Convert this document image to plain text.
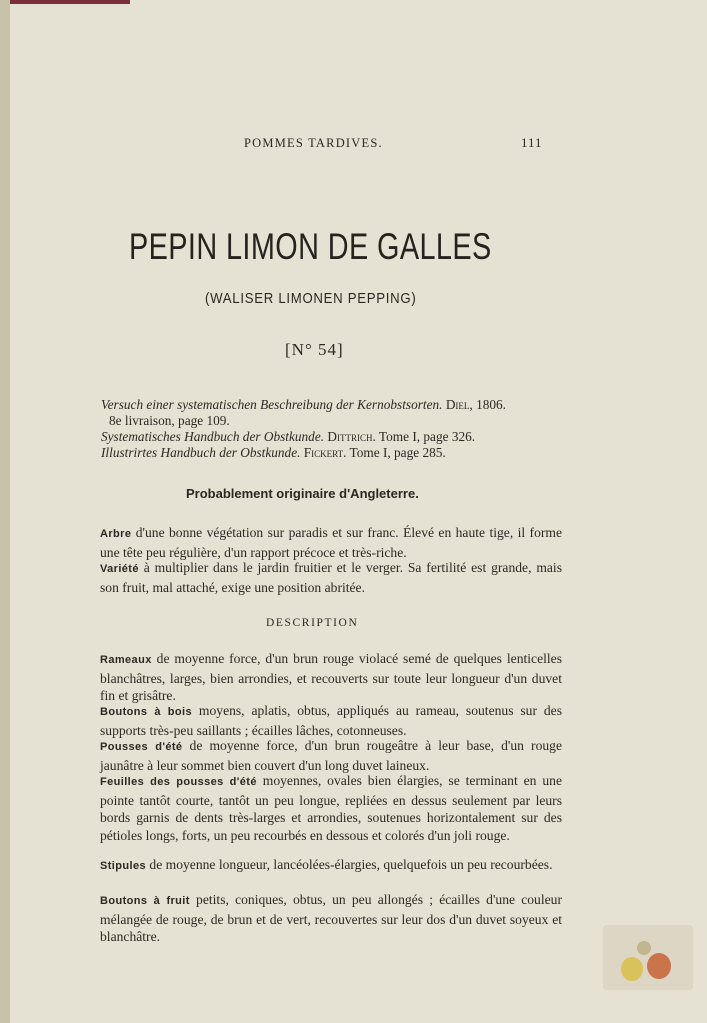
POMMES TARDIVES.	111
PEPIN LIMON DE GALLES
(WALISER LIMONEN PEPPING)
[N° 54]
Versuch einer systematischen Beschreibung der Kernobstsorten. Diel, 1806.
8e livraison, page 109.
Systematisches Handbuch der Obstkunde. Dittrich. Tome I, page 326.
Illustrirtes Handbuch der Obstkunde. Fickert. Tome I, page 285.
Probablement originaire d'Angleterre.
Arbre d'une bonne végétation sur paradis et sur franc. Élevé en haute tige, il forme une tête peu régulière, d'un rapport précoce et très-riche.
Variété à multiplier dans le jardin fruitier et le verger. Sa fertilité est grande, mais son fruit, mal attaché, exige une position abritée.
DESCRIPTION
Rameaux de moyenne force, d'un brun rouge violacé semé de quelques lenticelles blanchâtres, larges, bien arrondies, et recouverts sur toute leur longueur d'un duvet fin et grisâtre.
Boutons à bois moyens, aplatis, obtus, appliqués au rameau, soutenus sur des supports très-peu saillants ; écailles lâches, cotonneuses.
Pousses d'été de moyenne force, d'un brun rougeâtre à leur base, d'un rouge jaunâtre à leur sommet bien couvert d'un long duvet laineux.
Feuilles des pousses d'été moyennes, ovales bien élargies, se terminant en une pointe tantôt courte, tantôt un peu longue, repliées en dessus seulement par leurs bords garnis de dents très-larges et arrondies, soutenues horizontalement sur des pétioles longs, forts, un peu recourbés en dessous et colorés d'un joli rouge.
Stipules de moyenne longueur, lancéolées-élargies, quelquefois un peu recourbées.
Boutons à fruit petits, coniques, obtus, un peu allongés ; écailles d'une couleur mélangée de rouge, de brun et de vert, recouvertes sur leur dos d'un duvet soyeux et blanchâtre.
